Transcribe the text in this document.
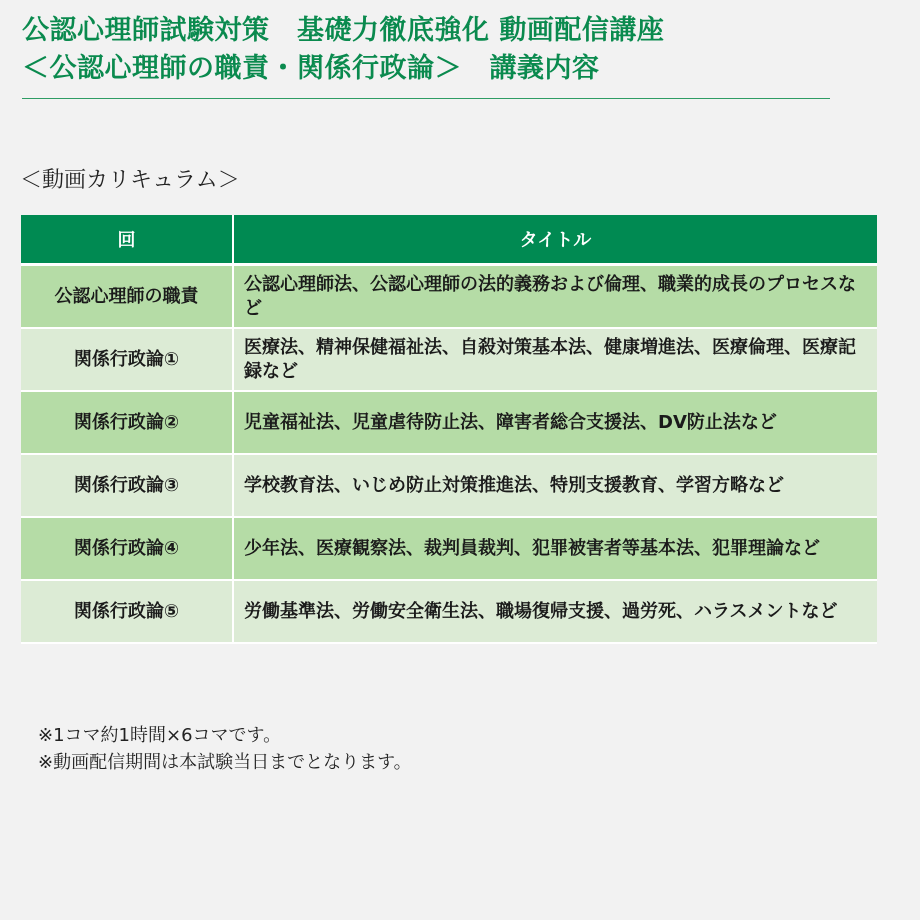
公認心理師試験対策　基礎力徹底強化 動画配信講座
＜公認心理師の職責・関係行政論＞　講義内容
＜動画カリキュラム＞
回	タイトル
公認心理師の職責	公認心理師法、公認心理師の法的義務および倫理、職業的成長のプロセスなど
関係行政論①	医療法、精神保健福祉法、自殺対策基本法、健康増進法、医療倫理、医療記録など
関係行政論②	児童福祉法、児童虐待防止法、障害者総合支援法、DV防止法など
関係行政論③	学校教育法、いじめ防止対策推進法、特別支援教育、学習方略など
関係行政論④	少年法、医療観察法、裁判員裁判、犯罪被害者等基本法、犯罪理論など
関係行政論⑤	労働基準法、労働安全衛生法、職場復帰支援、過労死、ハラスメントなど
※1コマ約1時間×6コマです。
※動画配信期間は本試験当日までとなります。
